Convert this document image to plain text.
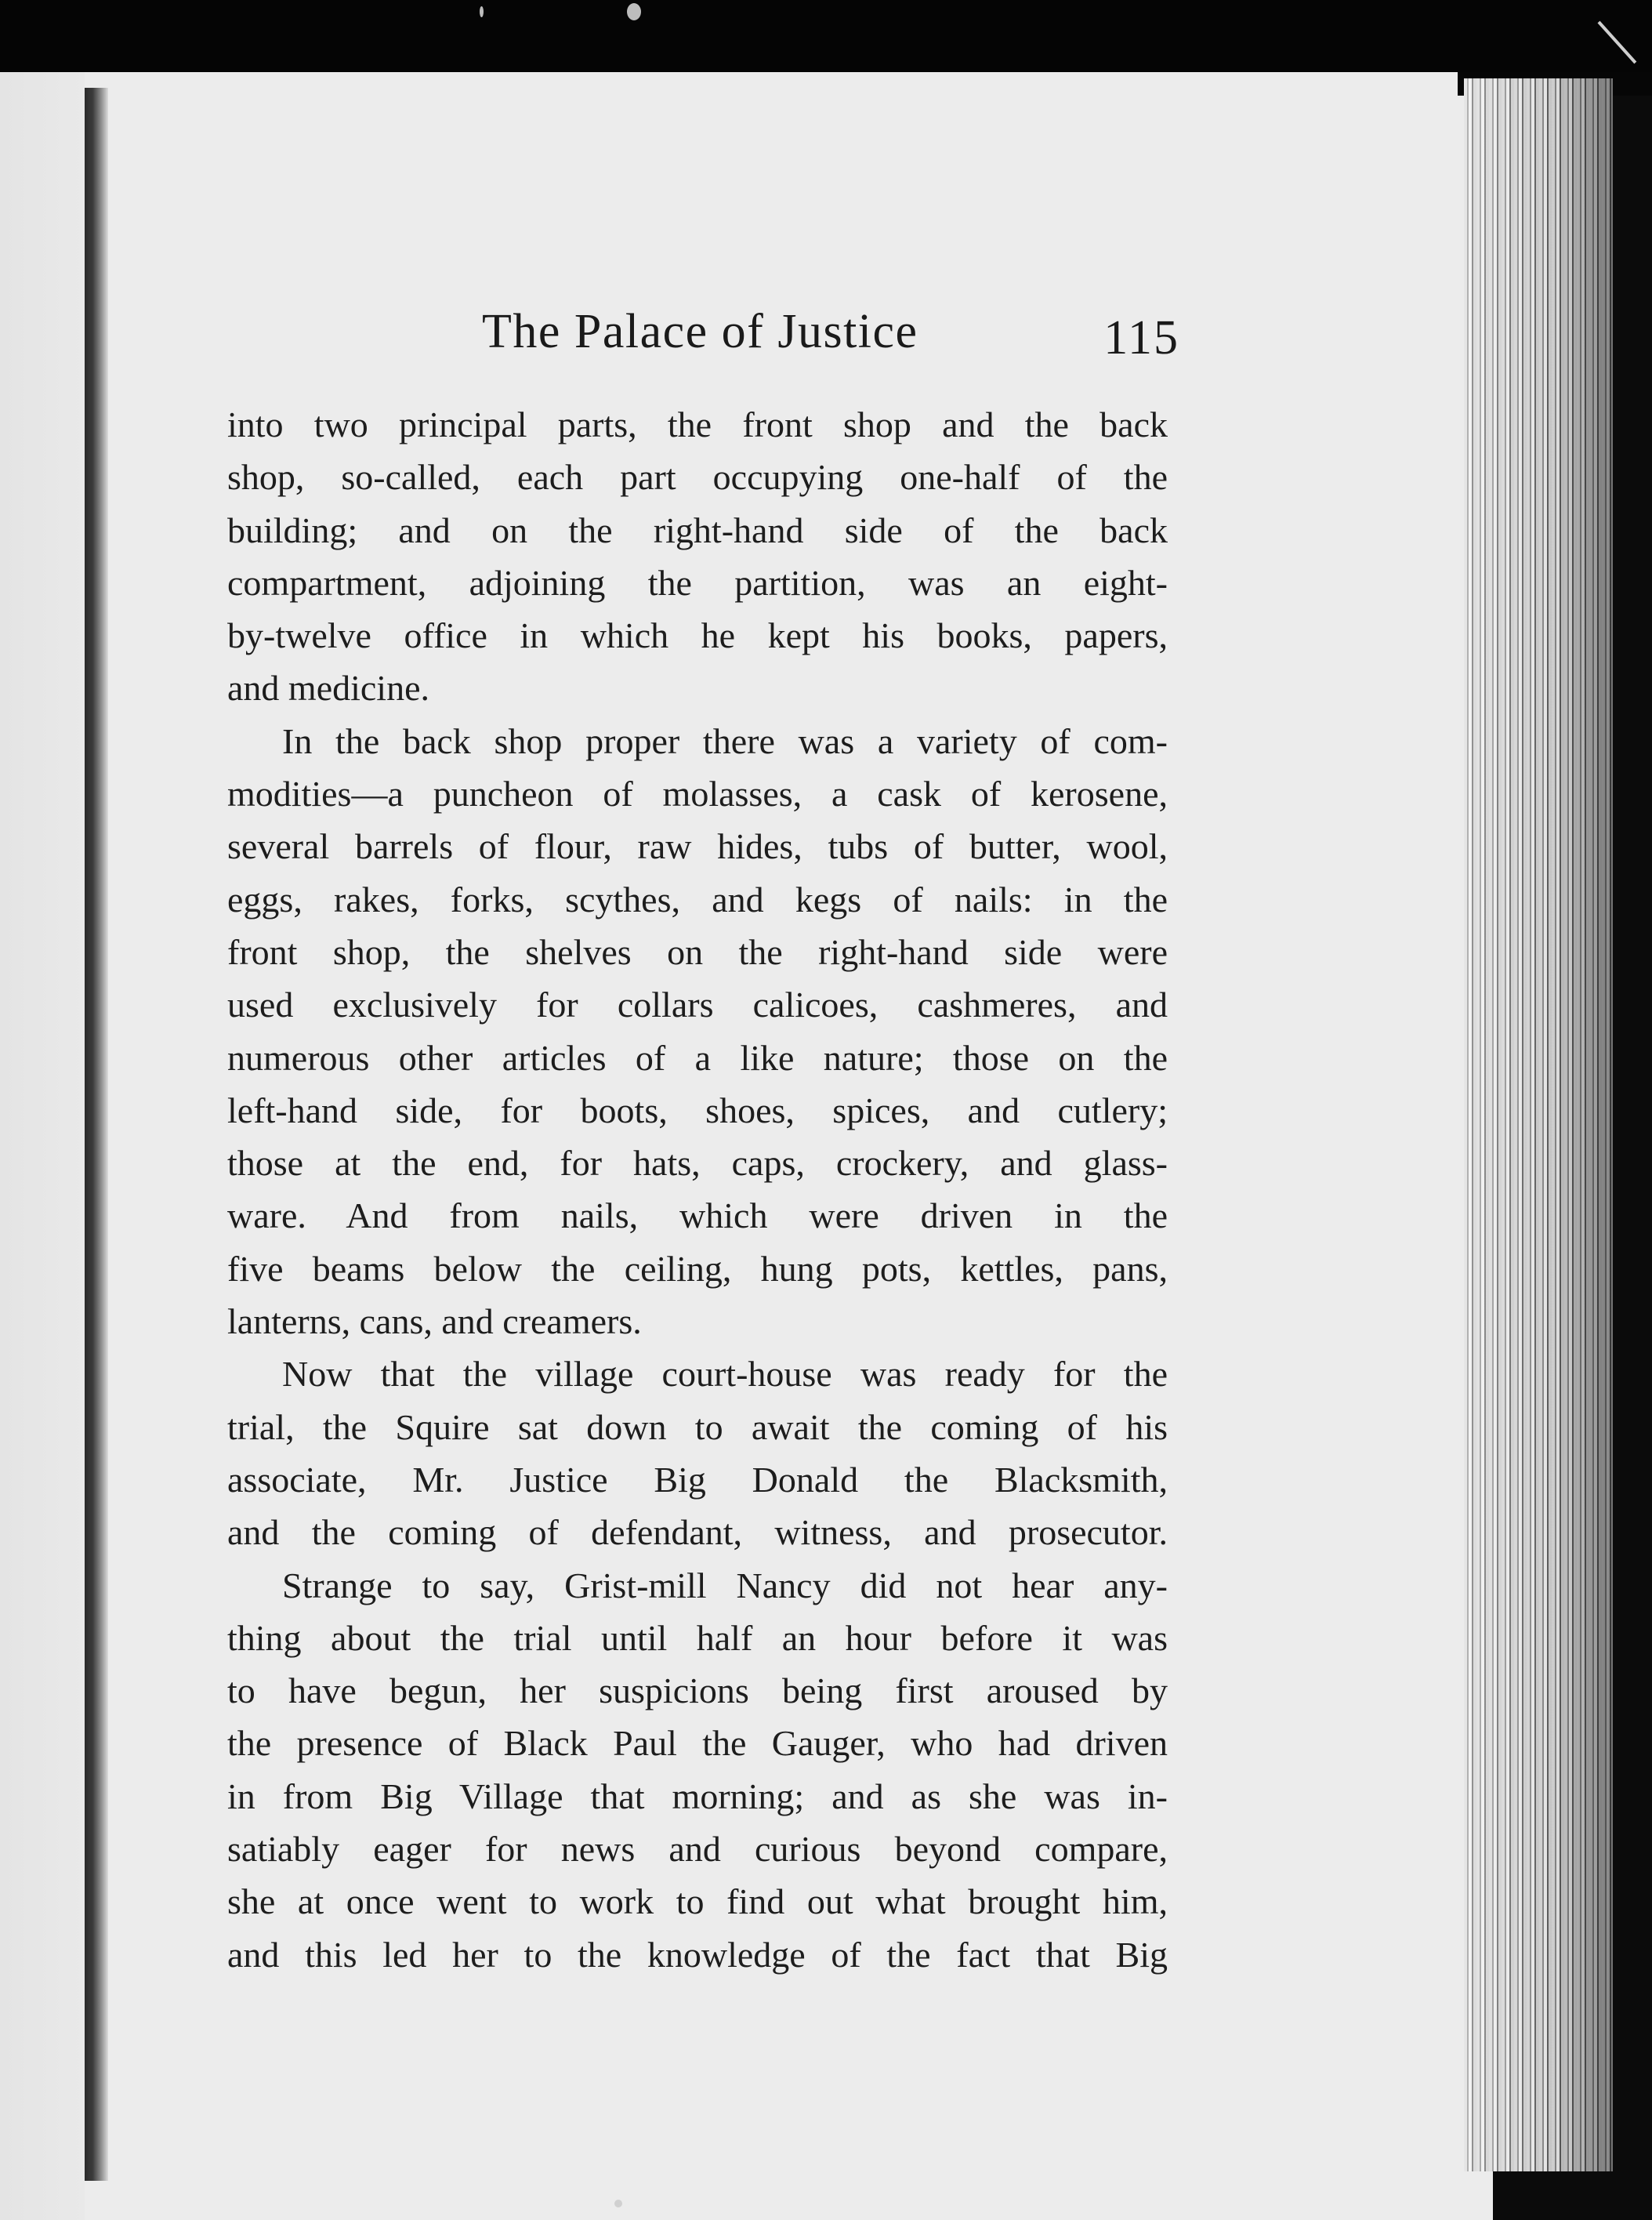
The Palace of Justice	115

into two principal parts, the front shop and the back
shop, so-called, each part occupying one-half of the
building; and on the right-hand side of the back
compartment, adjoining the partition, was an eight-
by-twelve office in which he kept his books, papers,
and medicine.

In the back shop proper there was a variety of com-
modities—a puncheon of molasses, a cask of kerosene,
several barrels of flour, raw hides, tubs of butter, wool,
eggs, rakes, forks, scythes, and kegs of nails: in the
front shop, the shelves on the right-hand side were
used exclusively for collars calicoes, cashmeres, and
numerous other articles of a like nature; those on the
left-hand side, for boots, shoes, spices, and cutlery;
those at the end, for hats, caps, crockery, and glass-
ware. And from nails, which were driven in the
five beams below the ceiling, hung pots, kettles, pans,
lanterns, cans, and creamers.

Now that the village court-house was ready for the
trial, the Squire sat down to await the coming of his
associate, Mr. Justice Big Donald the Blacksmith,
and the coming of defendant, witness, and prosecutor.

Strange to say, Grist-mill Nancy did not hear any-
thing about the trial until half an hour before it was
to have begun, her suspicions being first aroused by
the presence of Black Paul the Gauger, who had driven
in from Big Village that morning; and as she was in-
satiably eager for news and curious beyond compare,
she at once went to work to find out what brought him,
and this led her to the knowledge of the fact that Big
